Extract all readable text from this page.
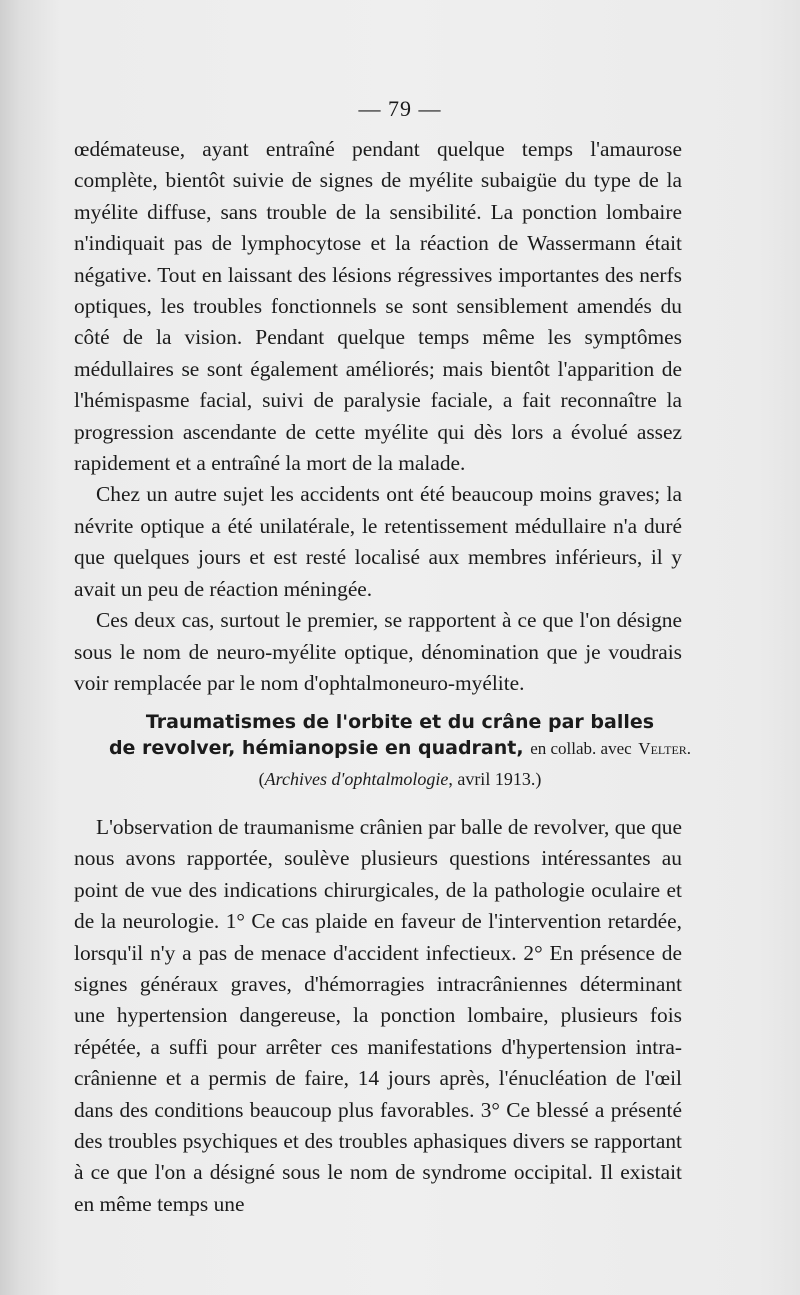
— 79 —

œdémateuse, ayant entraîné pendant quelque temps l'amaurose complète, bientôt suivie de signes de myélite subaigüe du type de la myélite diffuse, sans trouble de la sensibilité. La ponction lombaire n'indiquait pas de lymphocytose et la réaction de Wassermann était négative. Tout en laissant des lésions régressives importantes des nerfs optiques, les troubles fonctionnels se sont sensiblement amendés du côté de la vision. Pendant quelque temps même les symptômes médullaires se sont également améliorés; mais bientôt l'apparition de l'hémispasme facial, suivi de paralysie faciale, a fait reconnaître la progression ascendante de cette myélite qui dès lors a évolué assez rapidement et a entraîné la mort de la malade.

Chez un autre sujet les accidents ont été beaucoup moins graves; la névrite optique a été unilatérale, le retentissement médullaire n'a duré que quelques jours et est resté localisé aux membres inférieurs, il y avait un peu de réaction méningée.

Ces deux cas, surtout le premier, se rapportent à ce que l'on désigne sous le nom de neuro-myélite optique, dénomination que je voudrais voir remplacée par le nom d'ophtalmoneuro-myélite.

Traumatismes de l'orbite et du crâne par balles
de revolver, hémianopsie en quadrant, en collab. avec Velter.
(Archives d'ophtalmologie, avril 1913.)

L'observation de traumanisme crânien par balle de revolver, que que nous avons rapportée, soulève plusieurs questions intéressantes au point de vue des indications chirurgicales, de la pathologie oculaire et de la neurologie. 1° Ce cas plaide en faveur de l'intervention retardée, lorsqu'il n'y a pas de menace d'accident infectieux. 2° En présence de signes généraux graves, d'hémorragies intracrâniennes déterminant une hypertension dangereuse, la ponction lombaire, plusieurs fois répétée, a suffi pour arrêter ces manifestations d'hypertension intra-crânienne et a permis de faire, 14 jours après, l'énucléation de l'œil dans des conditions beaucoup plus favorables. 3° Ce blessé a présenté des troubles psychiques et des troubles aphasiques divers se rapportant à ce que l'on a désigné sous le nom de syndrome occipital. Il existait en même temps une
